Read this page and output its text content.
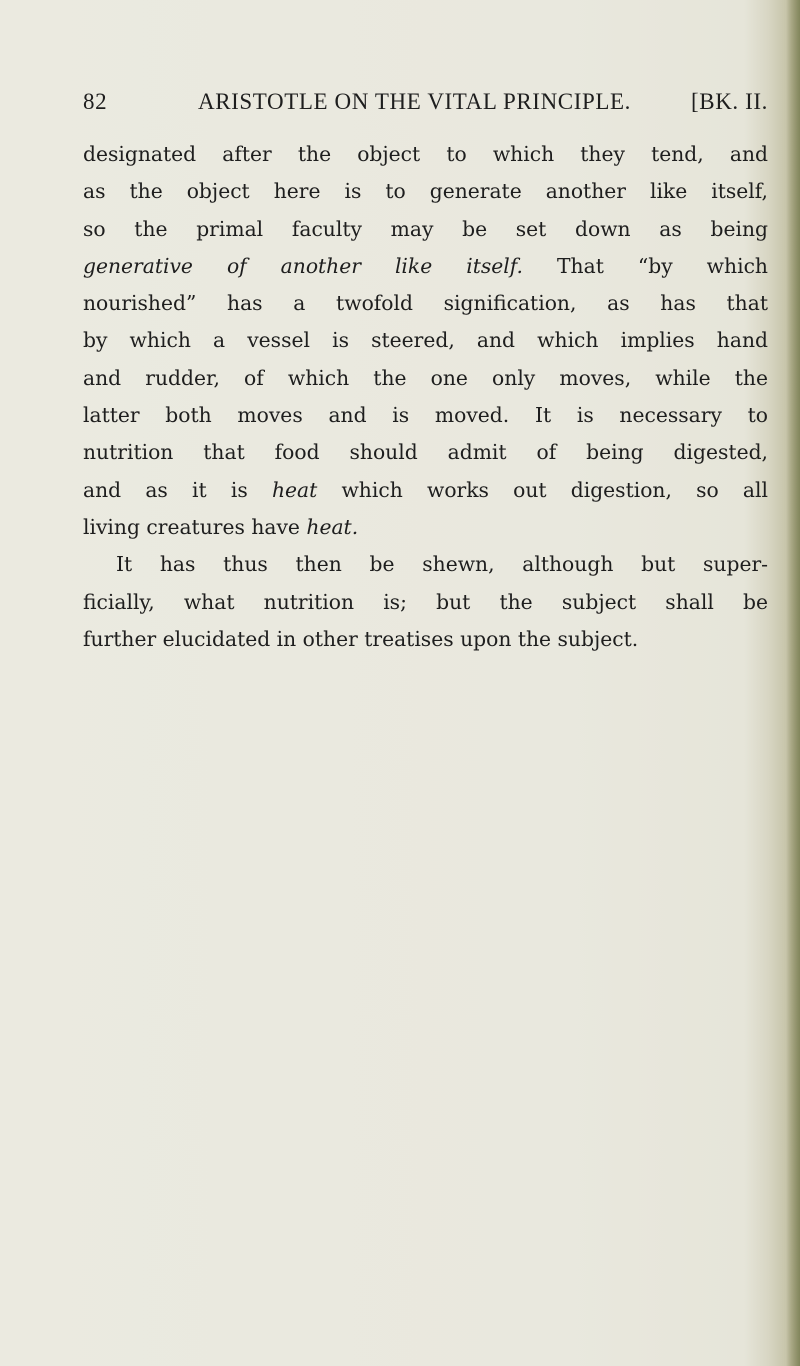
82	ARISTOTLE ON THE VITAL PRINCIPLE.	[BK. II.
designated after the object to which they tend, and
as the object here is to generate another like itself,
so the primal faculty may be set down as being
generative of another like itself. That “by which
nourished” has a twofold signification, as has that
by which a vessel is steered, and which implies hand
and rudder, of which the one only moves, while the
latter both moves and is moved. It is necessary to
nutrition that food should admit of being digested,
and as it is heat which works out digestion, so all
living creatures have heat.
It has thus then be shewn, although but super-
ficially, what nutrition is; but the subject shall be
further elucidated in other treatises upon the subject.
